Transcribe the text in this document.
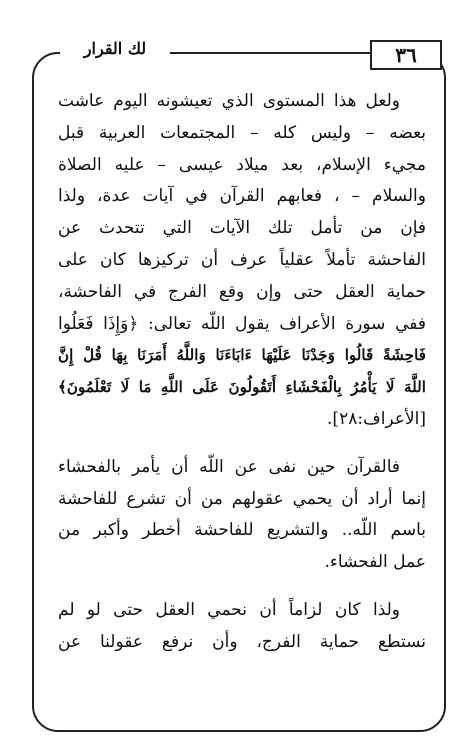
لك القرار	٣٦
ولعل هذا المستوى الذي تعيشونه اليوم عاشت
بعضه – وليس كله – المجتمعات العربية قبل
مجيء الإسلام، بعد ميلاد عيسى – عليه الصلاة
والسلام – ، فعابهم القرآن في آيات عدة، ولذا
فإن من تأمل تلك الآيات التي تتحدث عن
الفاحشة تأملاً عقلياً عرف أن تركيزها كان على
حماية العقل حتى وإن وقع الفرج في الفاحشة،
ففي سورة الأعراف يقول اللّه تعالى: ﴿وَإِذَا فَعَلُوا
فَاحِشَةً قَالُوا وَجَدْنَا عَلَيْهَا ءَابَاءَنَا وَاللَّهُ أَمَرَنَا بِهَا قُلْ إِنَّ
اللَّهَ لَا يَأْمُرُ بِالْفَحْشَاءِ أَتَقُولُونَ عَلَى اللَّهِ مَا لَا تَعْلَمُونَ﴾
[الأعراف:٢٨].
فالقرآن حين نفى عن اللّه أن يأمر بالفحشاء
إنما أراد أن يحمي عقولهم من أن تشرع للفاحشة
باسم اللّه.. والتشريع للفاحشة أخطر وأكبر من
عمل الفحشاء.
ولذا كان لزاماً أن نحمي العقل حتى لو لم
نستطع حماية الفرج، وأن نرفع عقولنا عن
